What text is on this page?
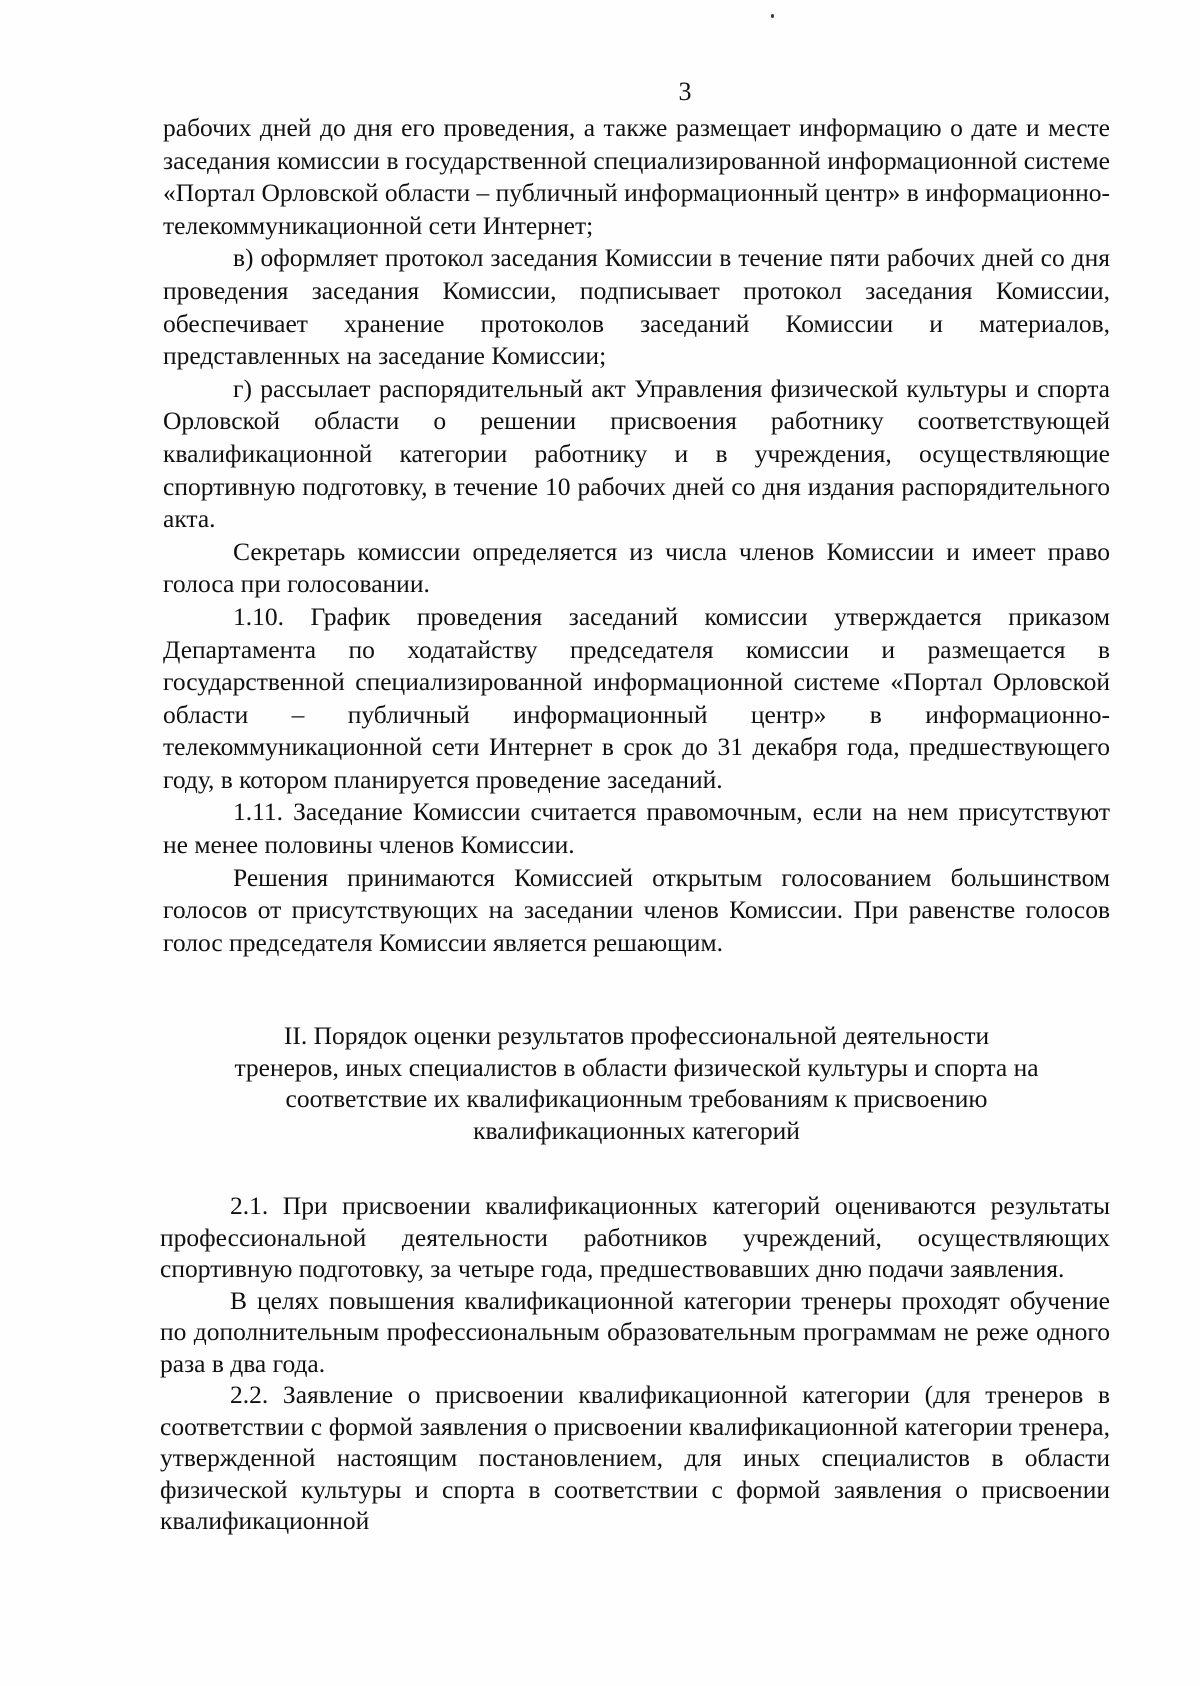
3

рабочих дней до дня его проведения, а также размещает информацию о дате и месте заседания комиссии в государственной специализированной информационной системе «Портал Орловской области – публичный информационный центр» в информационно-телекоммуникационной сети Интернет;

в) оформляет протокол заседания Комиссии в течение пяти рабочих дней со дня проведения заседания Комиссии, подписывает протокол заседания Комиссии, обеспечивает хранение протоколов заседаний Комиссии и материалов, представленных на заседание Комиссии;

г) рассылает распорядительный акт Управления физической культуры и спорта Орловской области о решении присвоения работнику соответствующей квалификационной категории работнику и в учреждения, осуществляющие спортивную подготовку, в течение 10 рабочих дней со дня издания распорядительного акта.

Секретарь комиссии определяется из числа членов Комиссии и имеет право голоса при голосовании.

1.10. График проведения заседаний комиссии утверждается приказом Департамента по ходатайству председателя комиссии и размещается в государственной специализированной информационной системе «Портал Орловской области – публичный информационный центр» в информационно-телекоммуникационной сети Интернет в срок до 31 декабря года, предшествующего году, в котором планируется проведение заседаний.

1.11. Заседание Комиссии считается правомочным, если на нем присутствуют не менее половины членов Комиссии.

Решения принимаются Комиссией открытым голосованием большинством голосов от присутствующих на заседании членов Комиссии. При равенстве голосов голос председателя Комиссии является решающим.

II. Порядок оценки результатов профессиональной деятельности
тренеров, иных специалистов в области физической культуры и спорта на
соответствие их квалификационным требованиям к присвоению
квалификационных категорий

2.1. При присвоении квалификационных категорий оцениваются результаты профессиональной деятельности работников учреждений, осуществляющих спортивную подготовку, за четыре года, предшествовавших дню подачи заявления.

В целях повышения квалификационной категории тренеры проходят обучение по дополнительным профессиональным образовательным программам не реже одного раза в два года.

2.2. Заявление о присвоении квалификационной категории (для тренеров в соответствии с формой заявления о присвоении квалификационной категории тренера, утвержденной настоящим постановлением, для иных специалистов в области физической культуры и спорта в соответствии с формой заявления о присвоении квалификационной
